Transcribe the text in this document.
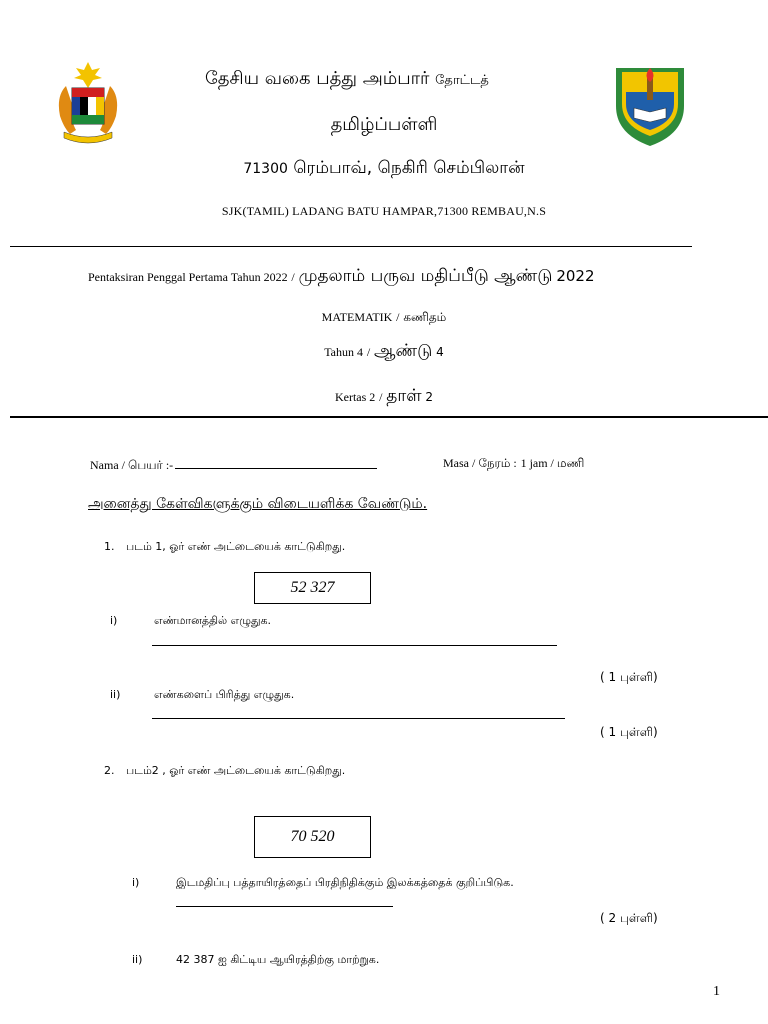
தேசிய வகை பத்து அம்பார் தோட்டத்
தமிழ்ப்பள்ளி
71300 ரெம்பாவ், நெகிரி செம்பிலான்
SJK(TAMIL) LADANG BATU HAMPAR,71300 REMBAU,N.S
Pentaksiran Penggal Pertama Tahun 2022 / முதலாம் பருவ மதிப்பீடு ஆண்டு 2022
MATEMATIK / கணிதம்
Tahun 4 / ஆண்டு 4
Kertas 2 / தாள் 2
Nama / பெயர் :-	Masa / நேரம் : 1 jam / மணி
அனைத்து கேள்விகளுக்கும் விடையளிக்க வேண்டும்.
1. படம் 1, ஓர் எண் அட்டையைக் காட்டுகிறது.
52 327
i)	எண்மானத்தில் எழுதுக.
( 1 புள்ளி)
ii)	எண்களைப் பிரித்து எழுதுக.
( 1 புள்ளி)
2. படம்2 , ஓர் எண் அட்டையைக் காட்டுகிறது.
70 520
i)	இடமதிப்பு பத்தாயிரத்தைப் பிரதிநிதிக்கும் இலக்கத்தைக் குறிப்பிடுக.
( 2 புள்ளி)
ii)	42 387 ஐ கிட்டிய ஆயிரத்திற்கு மாற்றுக.
1
